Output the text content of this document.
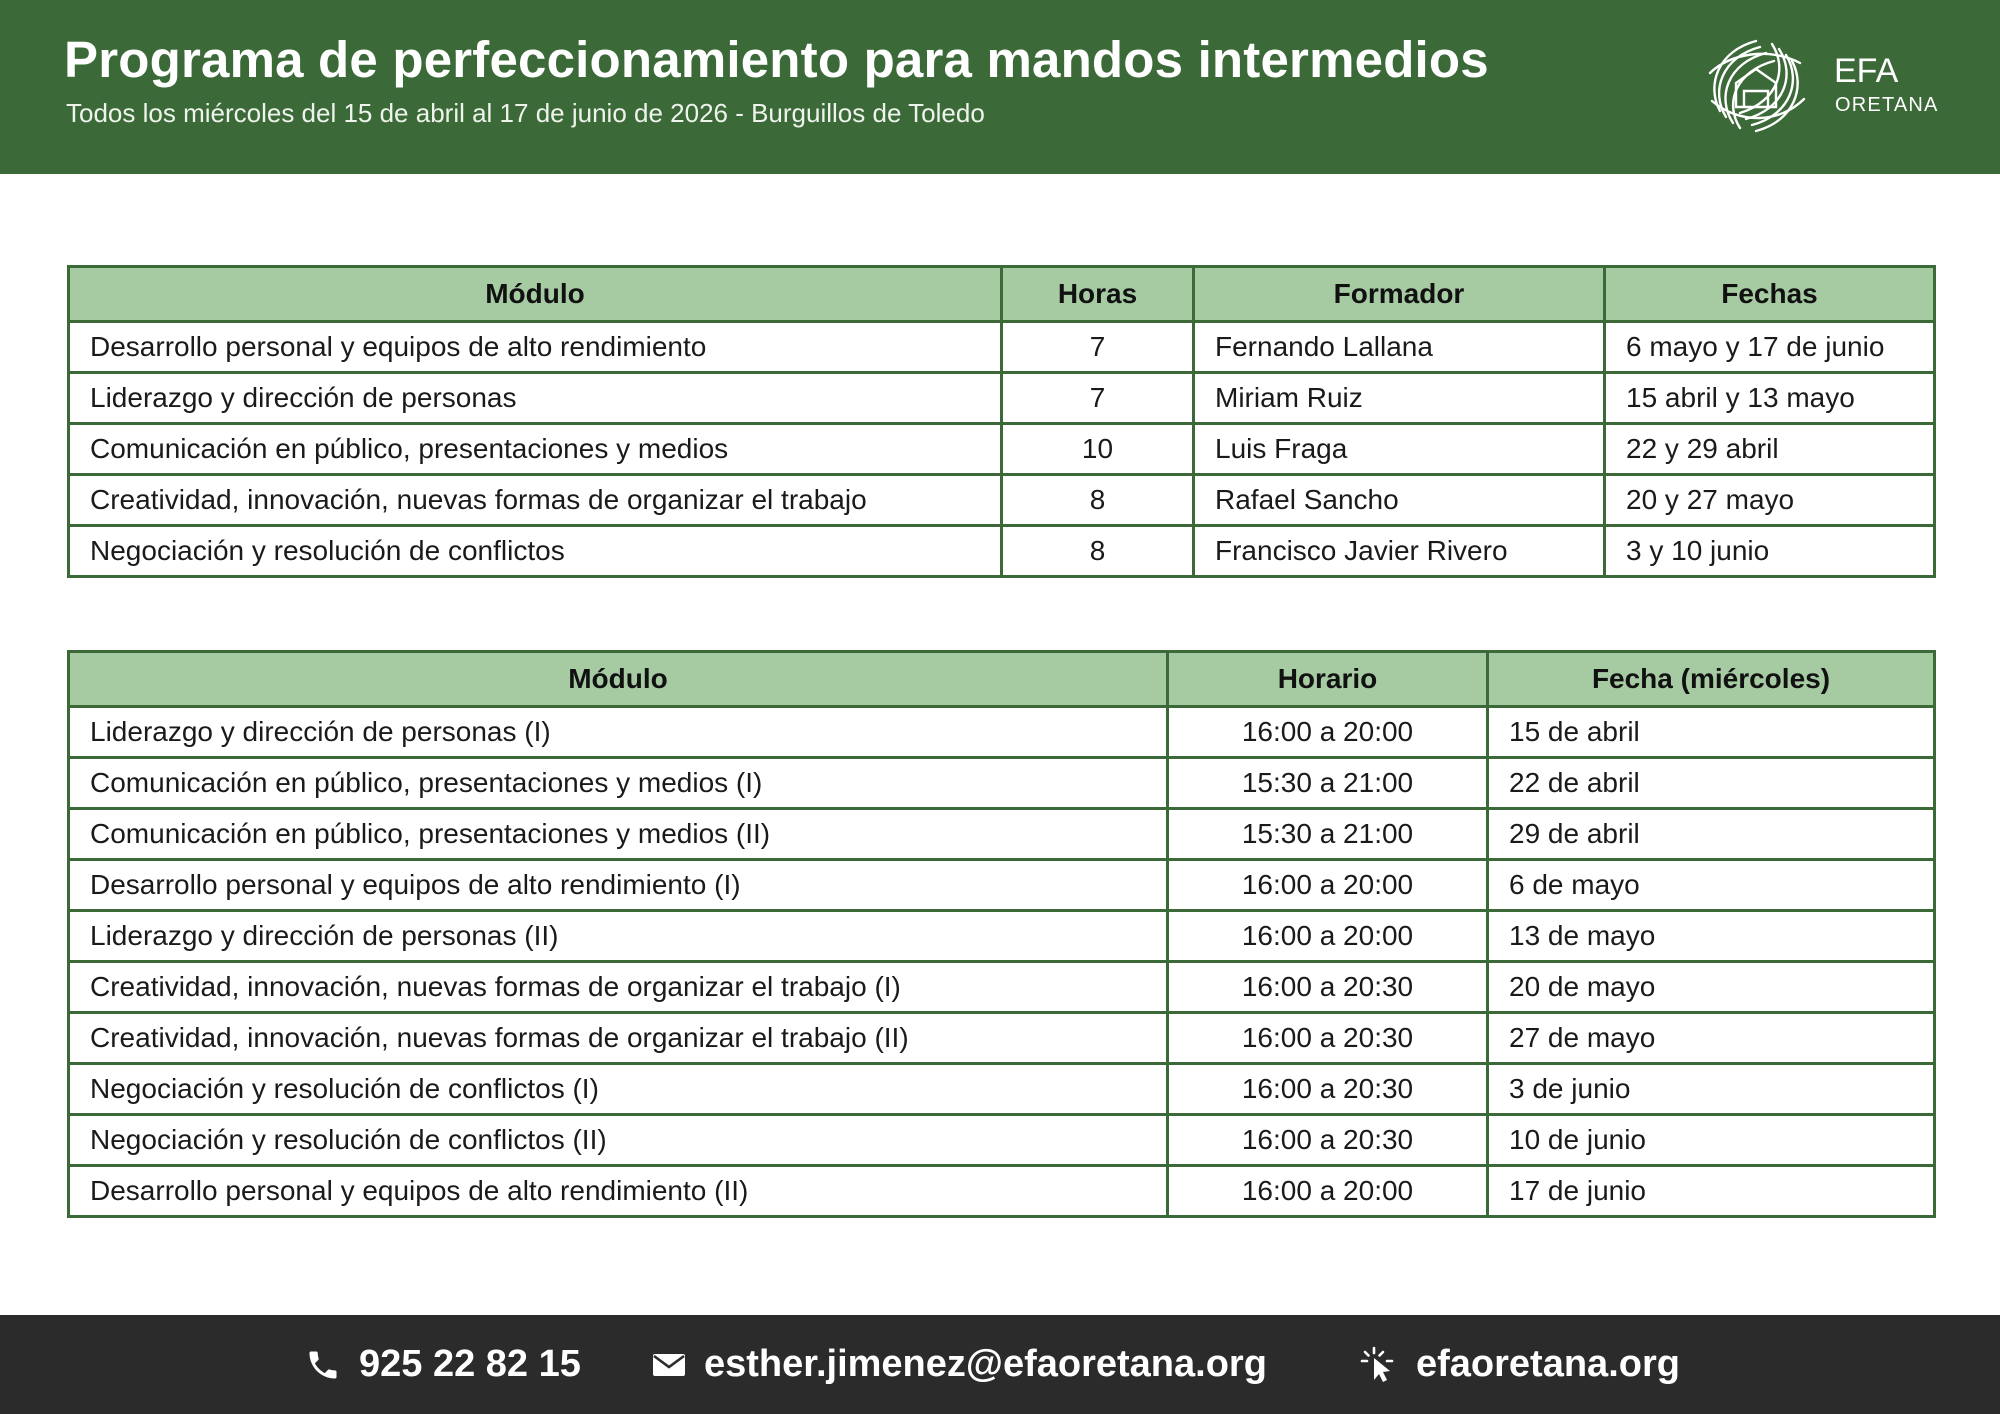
Programa de perfeccionamiento para mandos intermedios
Todos los miércoles del 15 de abril al 17 de junio de 2026 - Burguillos de Toledo
EFA
ORETANA
Módulo	Horas	Formador	Fechas
Desarrollo personal y equipos de alto rendimiento	7	Fernando Lallana	6 mayo y 17 de junio
Liderazgo y dirección de personas	7	Miriam Ruiz	15 abril y 13 mayo
Comunicación en público, presentaciones y medios	10	Luis Fraga	22 y 29 abril
Creatividad, innovación, nuevas formas de organizar el trabajo	8	Rafael Sancho	20 y 27 mayo
Negociación y resolución de conflictos	8	Francisco Javier Rivero	3 y 10 junio
Módulo	Horario	Fecha (miércoles)
Liderazgo y dirección de personas (I)	16:00 a 20:00	15 de abril
Comunicación en público, presentaciones y medios (I)	15:30 a 21:00	22 de abril
Comunicación en público, presentaciones y medios (II)	15:30 a 21:00	29 de abril
Desarrollo personal y equipos de alto rendimiento (I)	16:00 a 20:00	6 de mayo
Liderazgo y dirección de personas (II)	16:00 a 20:00	13 de mayo
Creatividad, innovación, nuevas formas de organizar el trabajo (I)	16:00 a 20:30	20 de mayo
Creatividad, innovación, nuevas formas de organizar el trabajo (II)	16:00 a 20:30	27 de mayo
Negociación y resolución de conflictos (I)	16:00 a 20:30	3 de junio
Negociación y resolución de conflictos (II)	16:00 a 20:30	10 de junio
Desarrollo personal y equipos de alto rendimiento (II)	16:00 a 20:00	17 de junio
925 22 82 15	esther.jimenez@efaoretana.org	efaoretana.org
